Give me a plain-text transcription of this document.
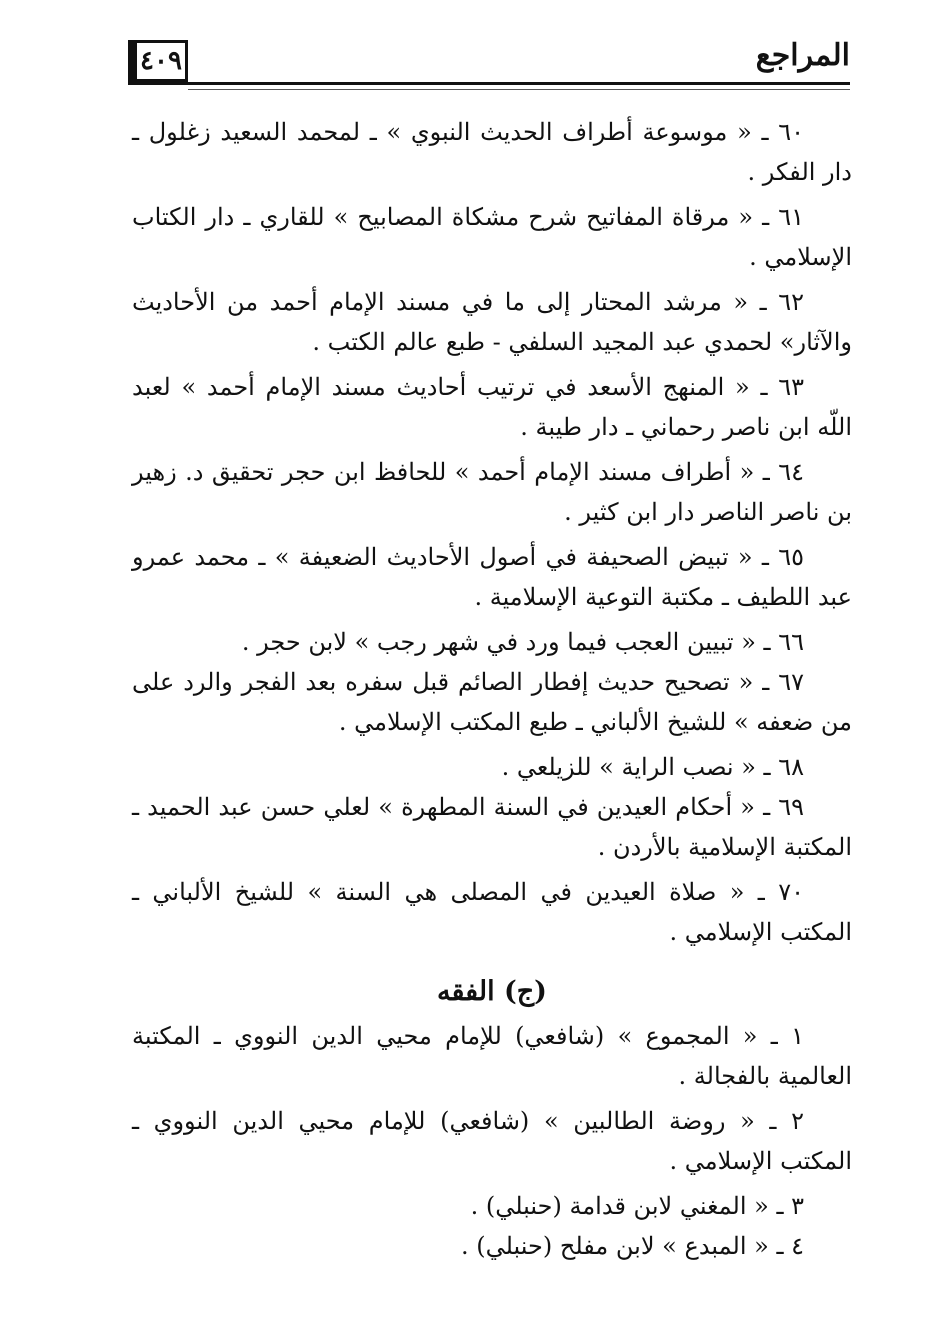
المراجع
٤٠٩

٦٠ ـ « موسوعة أطراف الحديث النبوي » ـ لمحمد السعيد زغلول ـ دار الفكر .

٦١ ـ « مرقاة المفاتيح شرح مشكاة المصابيح » للقاري ـ دار الكتاب الإسلامي .

٦٢ ـ « مرشد المحتار إلى ما في مسند الإمام أحمد من الأحاديث والآثار» لحمدي عبد المجيد السلفي - طبع عالم الكتب .

٦٣ ـ « المنهج الأسعد في ترتيب أحاديث مسند الإمام أحمد » لعبد اللّه ابن ناصر رحماني ـ دار طيبة .

٦٤ ـ « أطراف مسند الإمام أحمد » للحافظ ابن حجر تحقيق د. زهير بن ناصر الناصر دار ابن كثير .

٦٥ ـ « تبيض الصحيفة في أصول الأحاديث الضعيفة » ـ محمد عمرو عبد اللطيف ـ مكتبة التوعية الإسلامية .

٦٦ ـ « تبيين العجب فيما ورد في شهر رجب » لابن حجر .

٦٧ ـ « تصحيح حديث إفطار الصائم قبل سفره بعد الفجر والرد على من ضعفه » للشيخ الألباني ـ طبع المكتب الإسلامي .

٦٨ ـ « نصب الراية » للزيلعي .

٦٩ ـ « أحكام العيدين في السنة المطهرة » لعلي حسن عبد الحميد ـ المكتبة الإسلامية بالأردن .

٧٠ ـ « صلاة العيدين في المصلى هي السنة » للشيخ الألباني ـ المكتب الإسلامي .

(ج) الفقه

١ ـ « المجموع » (شافعي) للإمام محيي الدين النووي ـ المكتبة العالمية بالفجالة .

٢ ـ « روضة الطالبين » (شافعي) للإمام محيي الدين النووي ـ المكتب الإسلامي .

٣ ـ « المغني لابن قدامة (حنبلي) .

٤ ـ « المبدع » لابن مفلح (حنبلي) .
